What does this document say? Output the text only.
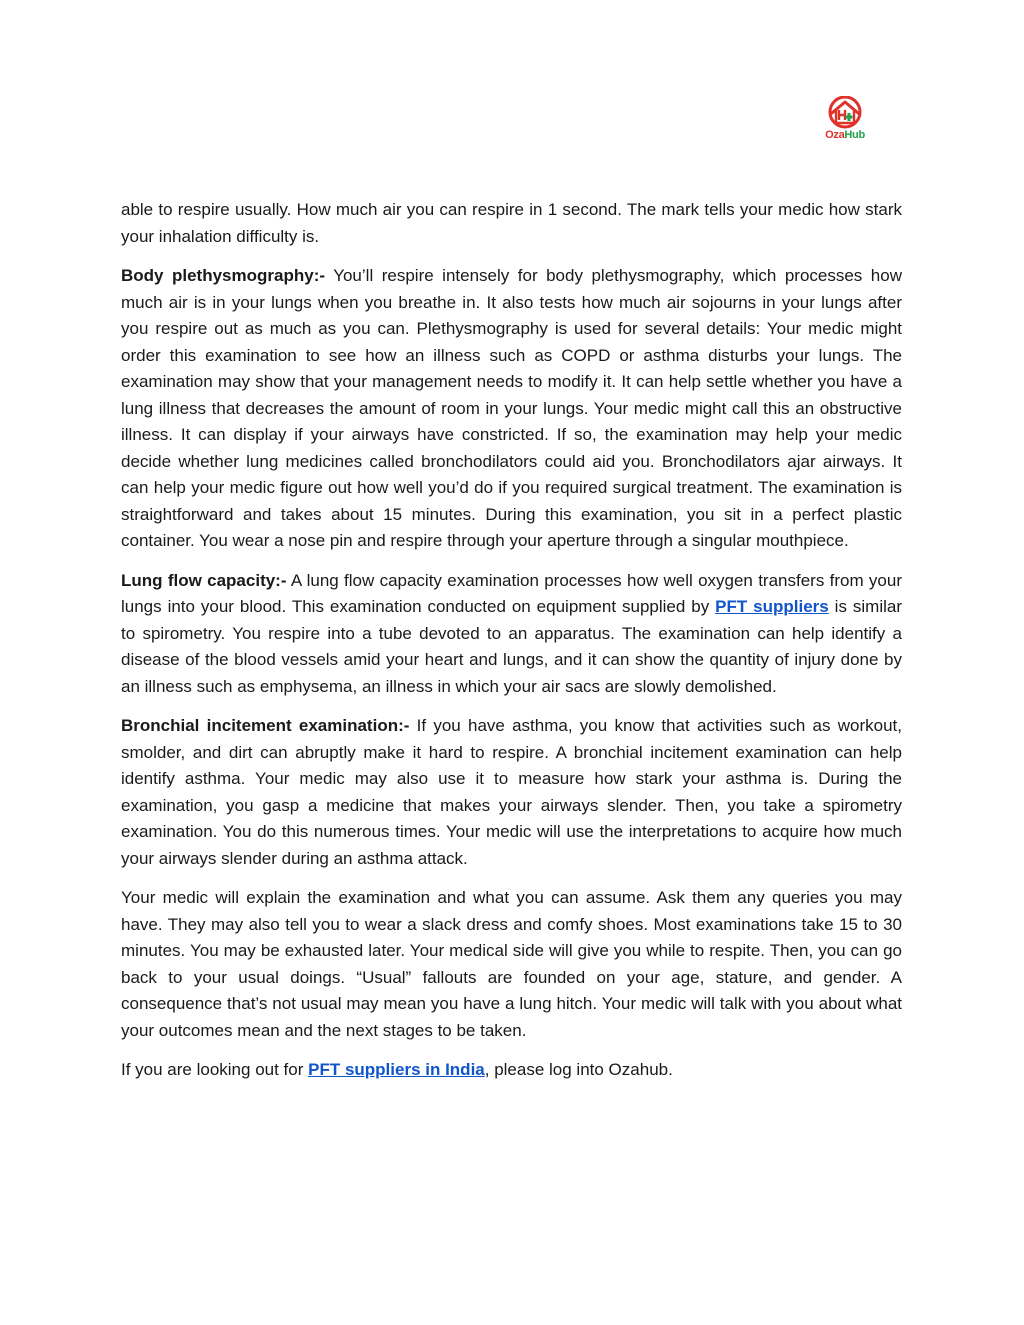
OzaHub

able to respire usually. How much air you can respire in 1 second. The mark tells your medic how stark your inhalation difficulty is.

Body plethysmography:- You’ll respire intensely for body plethysmography, which processes how much air is in your lungs when you breathe in. It also tests how much air sojourns in your lungs after you respire out as much as you can. Plethysmography is used for several details: Your medic might order this examination to see how an illness such as COPD or asthma disturbs your lungs. The examination may show that your management needs to modify it. It can help settle whether you have a lung illness that decreases the amount of room in your lungs. Your medic might call this an obstructive illness. It can display if your airways have constricted. If so, the examination may help your medic decide whether lung medicines called bronchodilators could aid you. Bronchodilators ajar airways. It can help your medic figure out how well you’d do if you required surgical treatment. The examination is straightforward and takes about 15 minutes. During this examination, you sit in a perfect plastic container. You wear a nose pin and respire through your aperture through a singular mouthpiece.

Lung flow capacity:- A lung flow capacity examination processes how well oxygen transfers from your lungs into your blood. This examination conducted on equipment supplied by PFT suppliers is similar to spirometry. You respire into a tube devoted to an apparatus. The examination can help identify a disease of the blood vessels amid your heart and lungs, and it can show the quantity of injury done by an illness such as emphysema, an illness in which your air sacs are slowly demolished.

Bronchial incitement examination:- If you have asthma, you know that activities such as workout, smolder, and dirt can abruptly make it hard to respire. A bronchial incitement examination can help identify asthma. Your medic may also use it to measure how stark your asthma is. During the examination, you gasp a medicine that makes your airways slender. Then, you take a spirometry examination. You do this numerous times. Your medic will use the interpretations to acquire how much your airways slender during an asthma attack.

Your medic will explain the examination and what you can assume. Ask them any queries you may have. They may also tell you to wear a slack dress and comfy shoes. Most examinations take 15 to 30 minutes. You may be exhausted later. Your medical side will give you while to respite. Then, you can go back to your usual doings. “Usual” fallouts are founded on your age, stature, and gender. A consequence that’s not usual may mean you have a lung hitch. Your medic will talk with you about what your outcomes mean and the next stages to be taken.

If you are looking out for PFT suppliers in India, please log into Ozahub.
